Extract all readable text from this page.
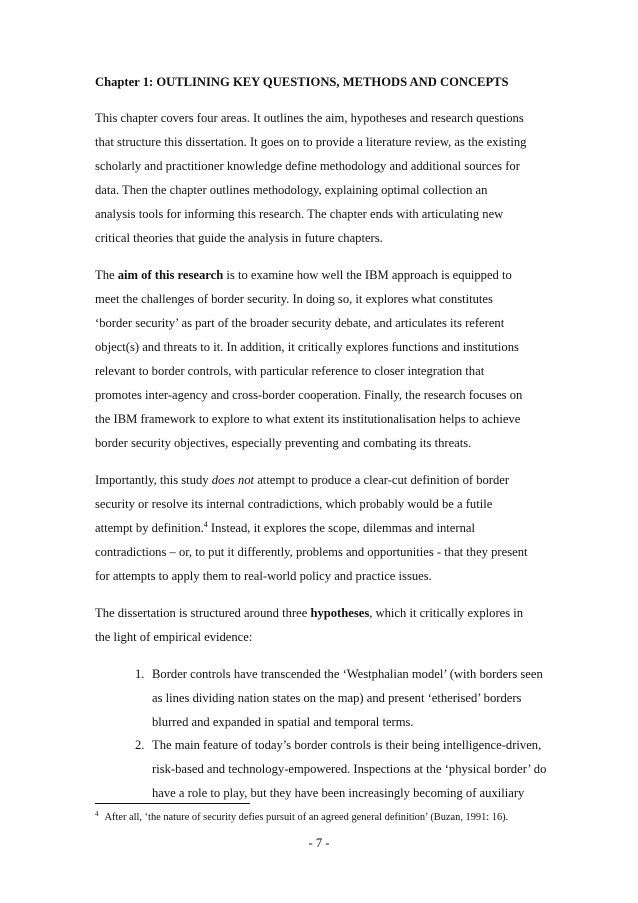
Chapter 1: OUTLINING KEY QUESTIONS, METHODS AND CONCEPTS
This chapter covers four areas. It outlines the aim, hypotheses and research questions
that structure this dissertation. It goes on to provide a literature review, as the existing
scholarly and practitioner knowledge define methodology and additional sources for
data. Then the chapter outlines methodology, explaining optimal collection an
analysis tools for informing this research. The chapter ends with articulating new
critical theories that guide the analysis in future chapters.
The aim of this research is to examine how well the IBM approach is equipped to
meet the challenges of border security. In doing so, it explores what constitutes
‘border security’ as part of the broader security debate, and articulates its referent
object(s) and threats to it. In addition, it critically explores functions and institutions
relevant to border controls, with particular reference to closer integration that
promotes inter-agency and cross-border cooperation. Finally, the research focuses on
the IBM framework to explore to what extent its institutionalisation helps to achieve
border security objectives, especially preventing and combating its threats.
Importantly, this study does not attempt to produce a clear-cut definition of border
security or resolve its internal contradictions, which probably would be a futile
attempt by definition.$^4$ Instead, it explores the scope, dilemmas and internal
contradictions – or, to put it differently, problems and opportunities - that they present
for attempts to apply them to real-world policy and practice issues.
The dissertation is structured around three hypotheses, which it critically explores in
the light of empirical evidence:
1. Border controls have transcended the ‘Westphalian model’ (with borders seen
as lines dividing nation states on the map) and present ‘etherised’ borders
blurred and expanded in spatial and temporal terms.
2. The main feature of today’s border controls is their being intelligence-driven,
risk-based and technology-empowered. Inspections at the ‘physical border’ do
have a role to play, but they have been increasingly becoming of auxiliary
$^4$ After all, ‘the nature of security defies pursuit of an agreed general definition’ (Buzan, 1991: 16).
- 7 -
